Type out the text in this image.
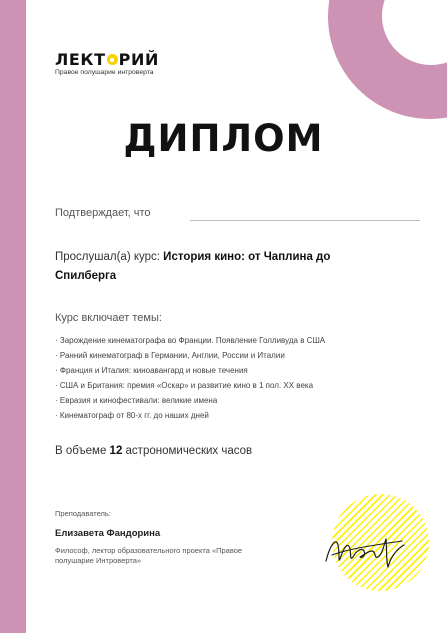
ЛЕКТ РИЙ
Правое полушарие интроверта
ДИПЛОМ
Подтверждает, что
Прослушал(а) курс: История кино: от Чаплина до Спилберга
Курс включает темы:
· Зарождение кинематографа во Франции. Появление Голливуда в США
· Ранний кинематограф в Германии, Англии, России и Италии
· Франция и Италия: киноавангард и новые течения
· США и Британия: премия «Оскар» и развитие кино в 1 пол. XX века
· Евразия и кинофестивали: великие имена
· Кинематограф от 80-х гг. до наших дней
В объеме 12 астрономических часов
Преподаватель:
Елизавета Фандорина
Философ, лектор образовательного проекта «Правое полушарие Интроверта»
